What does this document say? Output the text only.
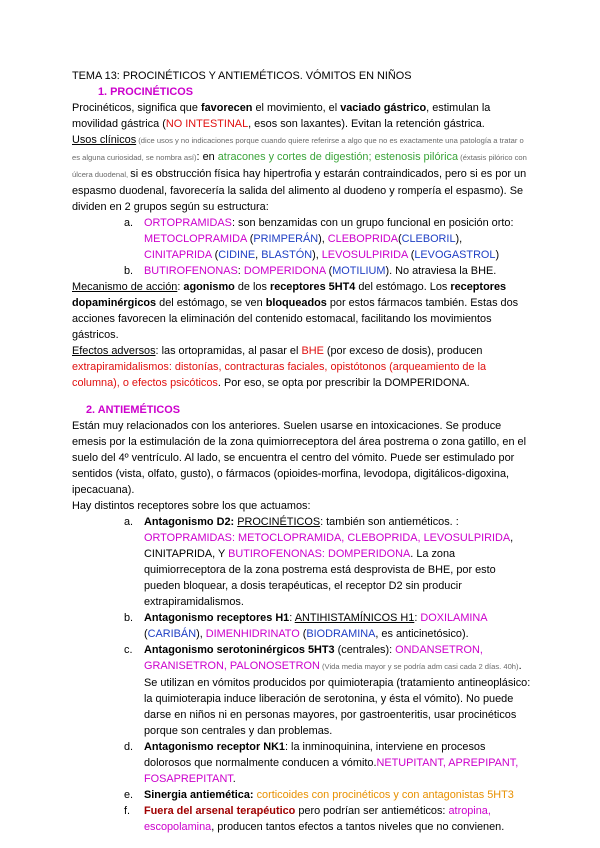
TEMA 13: PROCINÉTICOS Y ANTIEMÉTICOS. VÓMITOS EN NIÑOS

1. PROCINÉTICOS

Procinéticos, significa que favorecen el movimiento, el vaciado gástrico, estimulan la movilidad gástrica (NO INTESTINAL, esos son laxantes). Evitan la retención gástrica.

Usos clínicos (dice usos y no indicaciones porque cuando quiere referirse a algo que no es exactamente una patología a tratar o es alguna curiosidad, se nombra así): en atracones y cortes de digestión; estenosis pilórica (éxtasis pilórico con úlcera duodenal, si es obstrucción física hay hipertrofia y estarán contraindicados, pero si es por un espasmo duodenal, favorecería la salida del alimento al duodeno y rompería el espasmo). Se dividen en 2 grupos según su estructura:

a. ORTOPRAMIDAS: son benzamidas con un grupo funcional en posición orto: METOCLOPRAMIDA (PRIMPERÁN), CLEBOPRIDA(CLEBORIL), CINITAPRIDA (CIDINE, BLASTÓN), LEVOSULPIRIDA (LEVOGASTROL)
b. BUTIROFENONAS: DOMPERIDONA (MOTILIUM). No atraviesa la BHE.

Mecanismo de acción: agonismo de los receptores 5HT4 del estómago. Los receptores dopaminérgicos del estómago, se ven bloqueados por estos fármacos también. Estas dos acciones favorecen la eliminación del contenido estomacal, facilitando los movimientos gástricos.

Efectos adversos: las ortopramidas, al pasar el BHE (por exceso de dosis), producen extrapiramidalismos: distonías, contracturas faciales, opistótonos (arqueamiento de la columna), o efectos psicóticos. Por eso, se opta por prescribir la DOMPERIDONA.

2. ANTIEMÉTICOS

Están muy relacionados con los anteriores. Suelen usarse en intoxicaciones. Se produce emesis por la estimulación de la zona quimiorreceptora del área postrema o zona gatillo, en el suelo del 4º ventrículo. Al lado, se encuentra el centro del vómito. Puede ser estimulado por sentidos (vista, olfato, gusto), o fármacos (opioides-morfina, levodopa, digitálicos-digoxina, ipecacuana).

Hay distintos receptores sobre los que actuamos:

a. Antagonismo D2: PROCINÉTICOS: también son antieméticos. : ORTOPRAMIDAS: METOCLOPRAMIDA, CLEBOPRIDA, LEVOSULPIRIDA, CINITAPRIDA, Y BUTIROFENONAS: DOMPERIDONA. La zona quimiorreceptora de la zona postrema está desprovista de BHE, por esto pueden bloquear, a dosis terapéuticas, el receptor D2 sin producir extrapiramidalismos.
b. Antagonismo receptores H1: ANTIHISTAMÍNICOS H1: DOXILAMINA (CARIBÁN), DIMENHIDRINATO (BIODRAMINA, es anticinetósico).
c. Antagonismo serotoninérgicos 5HT3 (centrales): ONDANSETRON, GRANISETRON, PALONOSETRON (Vida media mayor y se podría adm casi cada 2 días. 40h). Se utilizan en vómitos producidos por quimioterapia (tratamiento antineoplásico: la quimioterapia induce liberación de serotonina, y ésta el vómito). No puede darse en niños ni en personas mayores, por gastroenteritis, usar procinéticos porque son centrales y dan problemas.
d. Antagonismo receptor NK1: la inminoquinina, interviene en procesos dolorosos que normalmente conducen a vómito.NETUPITANT, APREPIPANT, FOSAPREPITANT.
e. Sinergia antiemética: corticoides con procinéticos y con antagonistas 5HT3
f. Fuera del arsenal terapéutico pero podrían ser antieméticos: atropina, escopolamina, producen tantos efectos a tantos niveles que no convienen.
